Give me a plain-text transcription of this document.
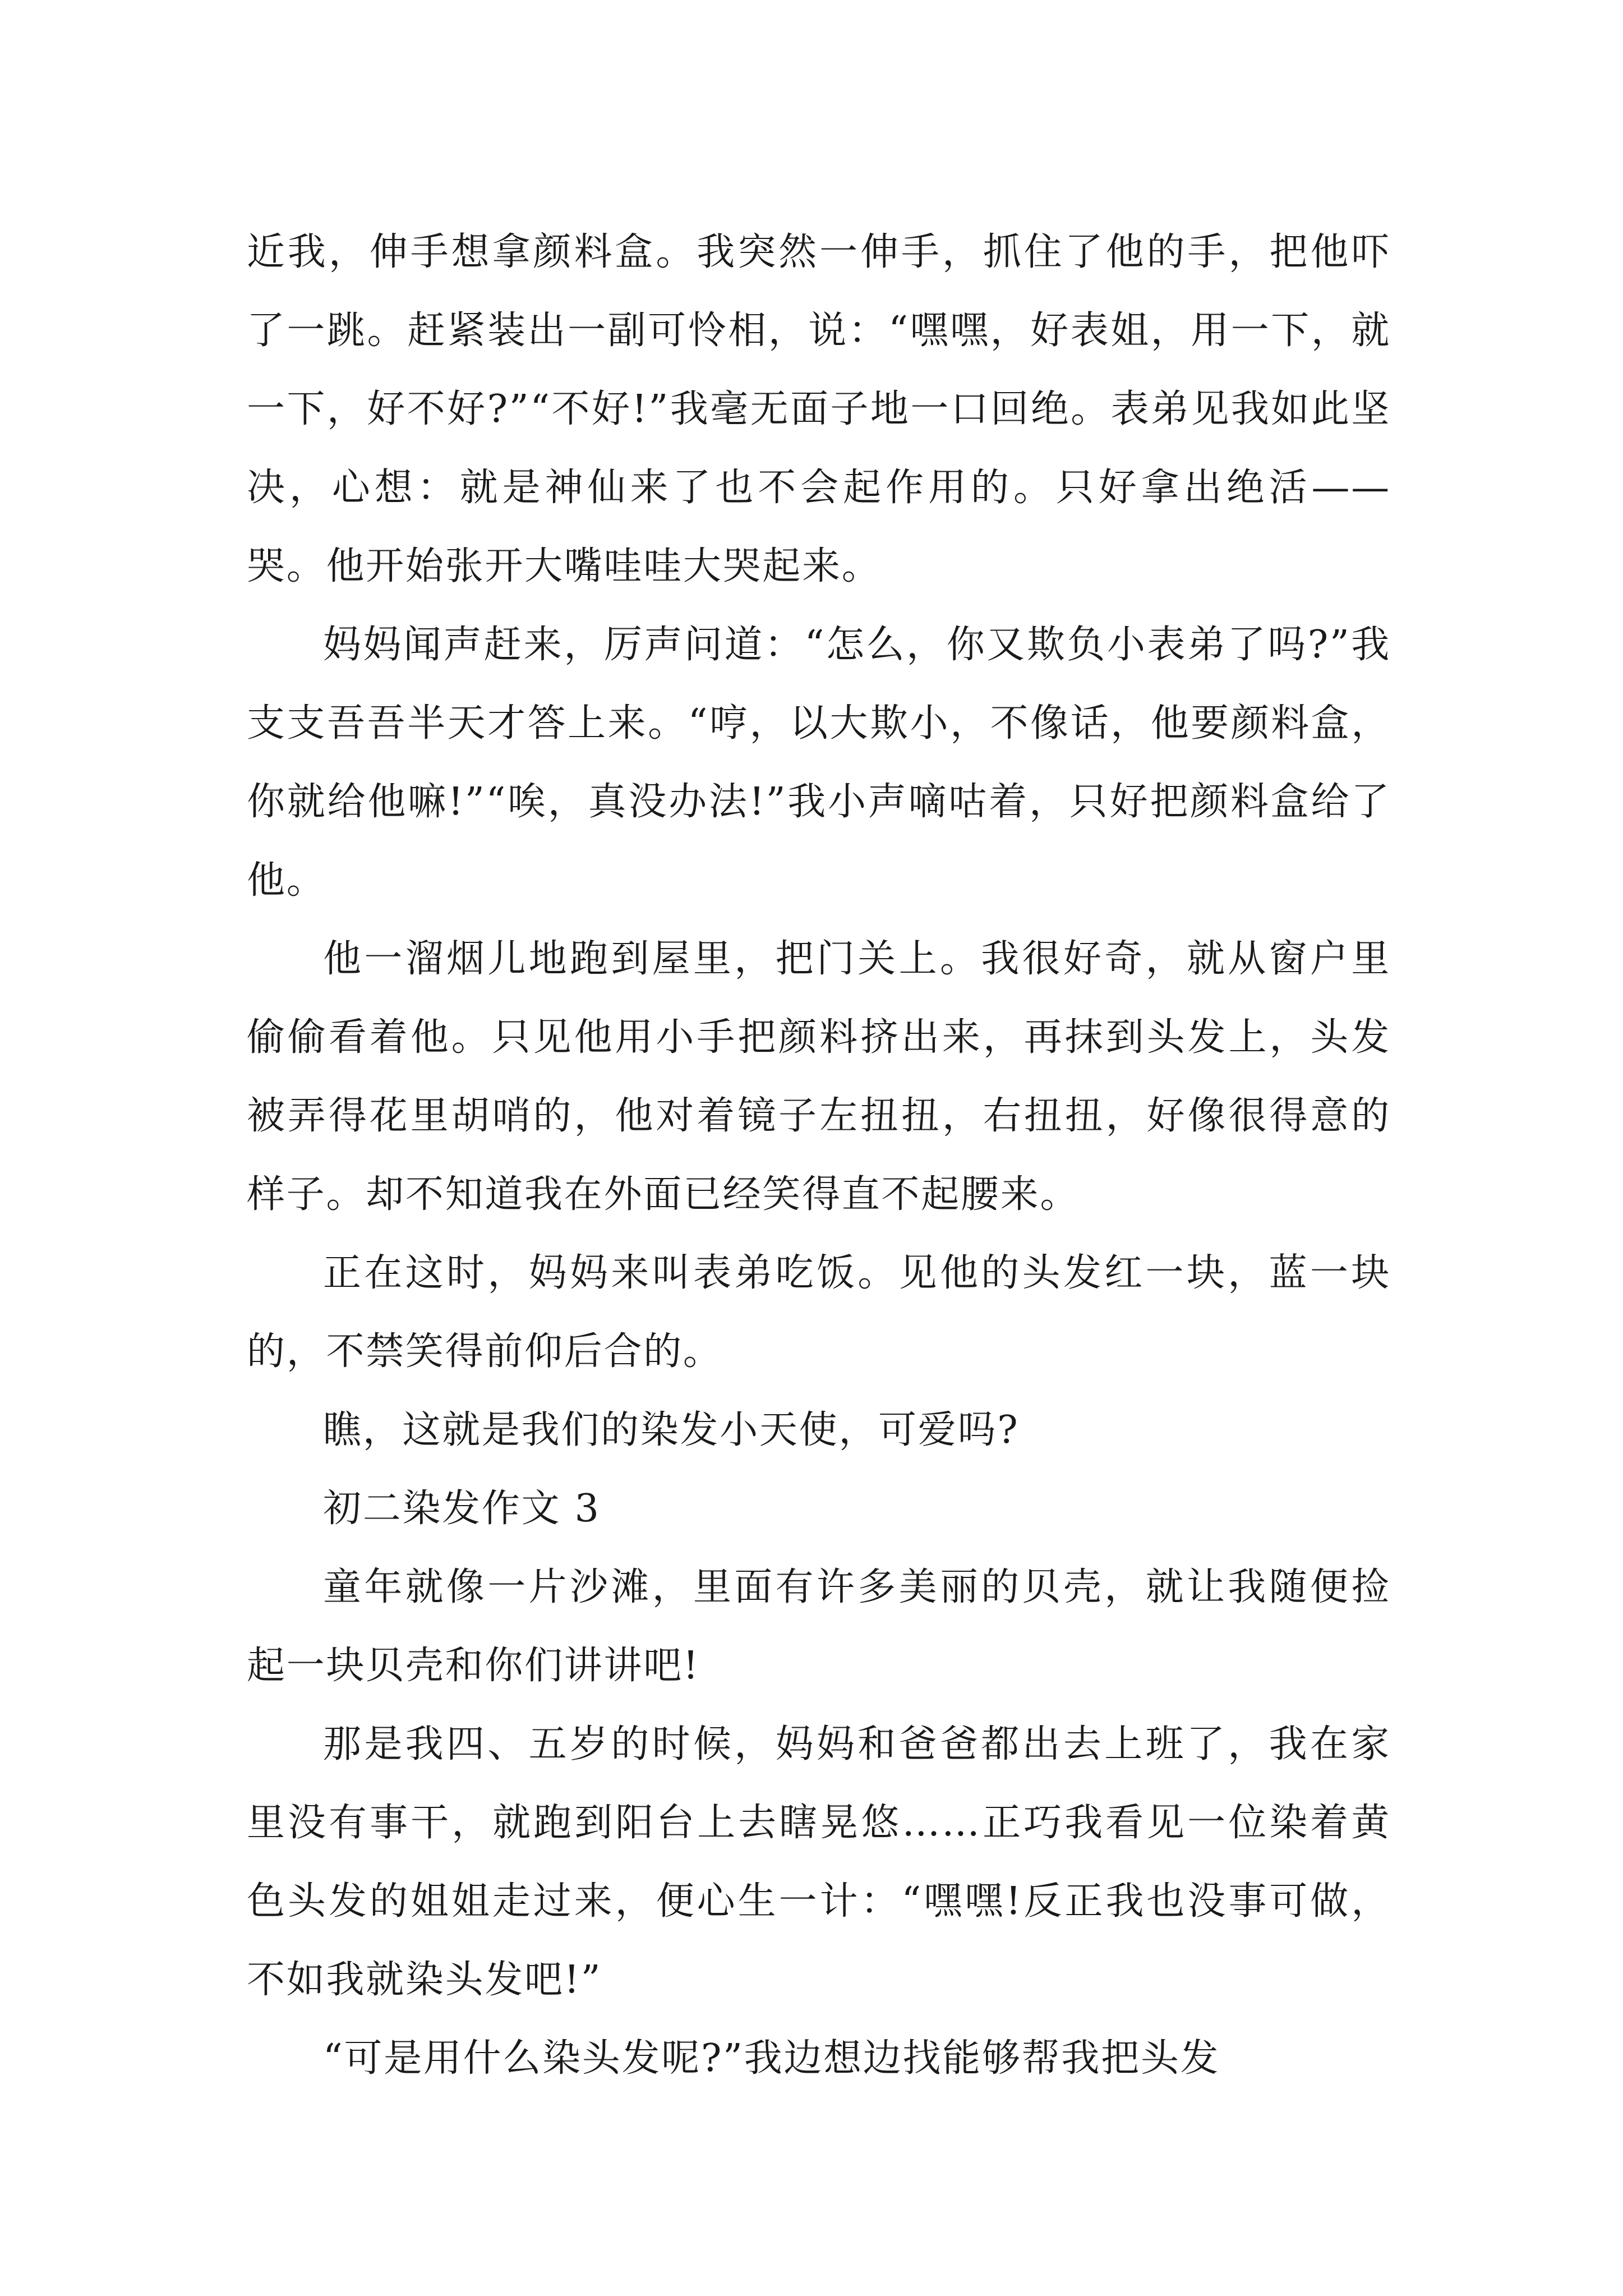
近我，伸手想拿颜料盒。我突然一伸手，抓住了他的手，把他吓了一跳。赶紧装出一副可怜相，说：“嘿嘿，好表姐，用一下，就一下，好不好?”“不好!”我毫无面子地一口回绝。表弟见我如此坚决，心想：就是神仙来了也不会起作用的。只好拿出绝活——哭。他开始张开大嘴哇哇大哭起来。

妈妈闻声赶来，厉声问道：“怎么，你又欺负小表弟了吗?”我支支吾吾半天才答上来。“哼，以大欺小，不像话，他要颜料盒，你就给他嘛!”“唉，真没办法!”我小声嘀咕着，只好把颜料盒给了他。

他一溜烟儿地跑到屋里，把门关上。我很好奇，就从窗户里偷偷看着他。只见他用小手把颜料挤出来，再抹到头发上，头发被弄得花里胡哨的，他对着镜子左扭扭，右扭扭，好像很得意的样子。却不知道我在外面已经笑得直不起腰来。

正在这时，妈妈来叫表弟吃饭。见他的头发红一块，蓝一块的，不禁笑得前仰后合的。

瞧，这就是我们的染发小天使，可爱吗?

初二染发作文 3

童年就像一片沙滩，里面有许多美丽的贝壳，就让我随便捡起一块贝壳和你们讲讲吧!

那是我四、五岁的时候，妈妈和爸爸都出去上班了，我在家里没有事干，就跑到阳台上去瞎晃悠……正巧我看见一位染着黄色头发的姐姐走过来，便心生一计：“嘿嘿!反正我也没事可做，不如我就染头发吧!”

“可是用什么染头发呢?”我边想边找能够帮我把头发
